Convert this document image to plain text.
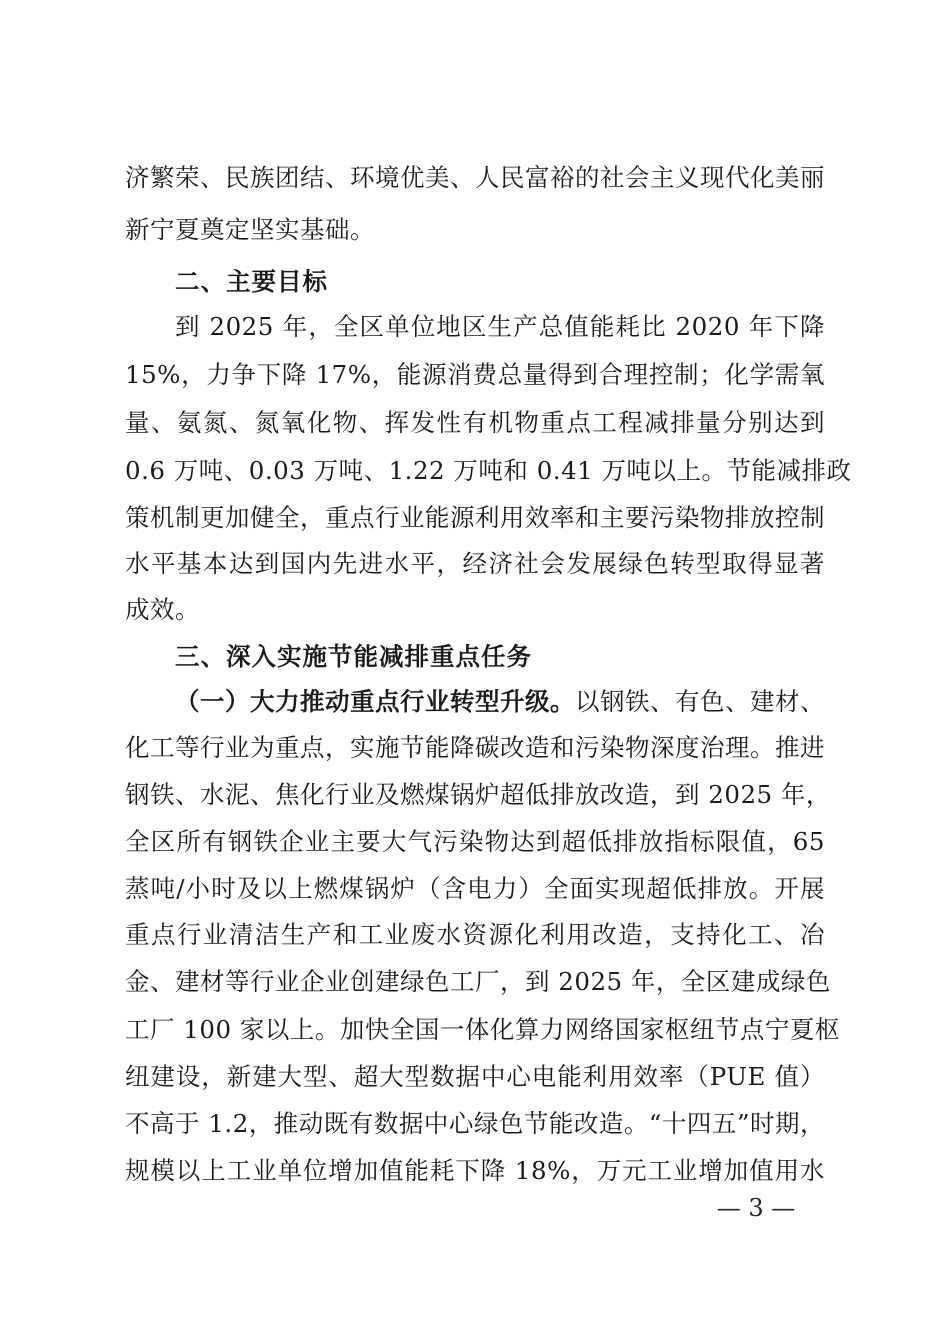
济繁荣、民族团结、环境优美、人民富裕的社会主义现代化美丽
新宁夏奠定坚实基础。
二、主要目标
到 2025 年，全区单位地区生产总值能耗比 2020 年下降
15%，力争下降 17%，能源消费总量得到合理控制；化学需氧
量、氨氮、氮氧化物、挥发性有机物重点工程减排量分别达到
0.6 万吨、0.03 万吨、1.22 万吨和 0.41 万吨以上。节能减排政
策机制更加健全，重点行业能源利用效率和主要污染物排放控制
水平基本达到国内先进水平，经济社会发展绿色转型取得显著
成效。
三、深入实施节能减排重点任务
（一）大力推动重点行业转型升级。以钢铁、有色、建材、
化工等行业为重点，实施节能降碳改造和污染物深度治理。推进
钢铁、水泥、焦化行业及燃煤锅炉超低排放改造，到 2025 年，
全区所有钢铁企业主要大气污染物达到超低排放指标限值，65
蒸吨/小时及以上燃煤锅炉（含电力）全面实现超低排放。开展
重点行业清洁生产和工业废水资源化利用改造，支持化工、冶
金、建材等行业企业创建绿色工厂，到 2025 年，全区建成绿色
工厂 100 家以上。加快全国一体化算力网络国家枢纽节点宁夏枢
纽建设，新建大型、超大型数据中心电能利用效率（PUE 值）
不高于 1.2，推动既有数据中心绿色节能改造。“十四五”时期，
规模以上工业单位增加值能耗下降 18%，万元工业增加值用水
— 3 —
